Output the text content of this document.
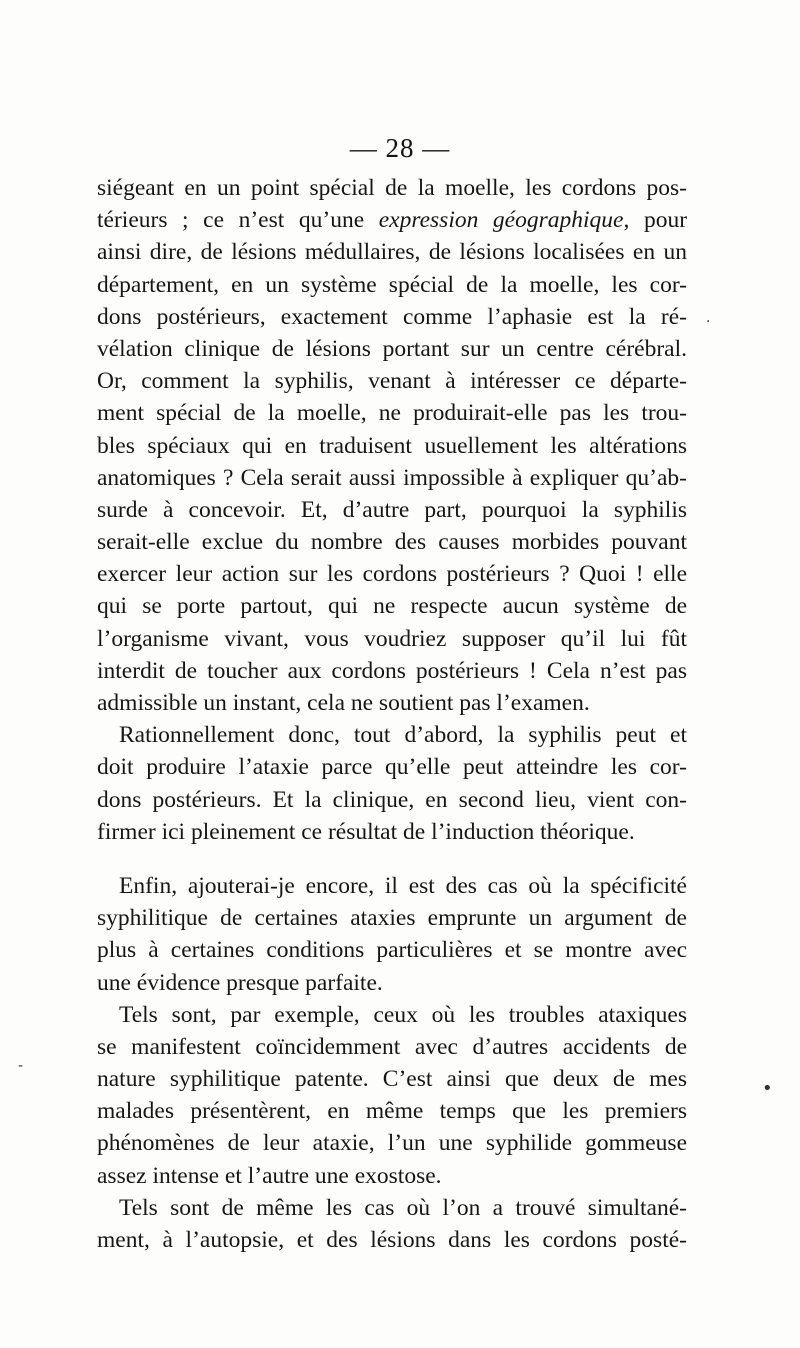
— 28 —
siégeant en un point spécial de la moelle, les cordons pos-
térieurs ; ce n’est qu’une expression géographique, pour
ainsi dire, de lésions médullaires, de lésions localisées en un
département, en un système spécial de la moelle, les cor-
dons postérieurs, exactement comme l’aphasie est la ré-
vélation clinique de lésions portant sur un centre cérébral.
Or, comment la syphilis, venant à intéresser ce départe-
ment spécial de la moelle, ne produirait-elle pas les trou-
bles spéciaux qui en traduisent usuellement les altérations
anatomiques ? Cela serait aussi impossible à expliquer qu’ab-
surde à concevoir. Et, d’autre part, pourquoi la syphilis
serait-elle exclue du nombre des causes morbides pouvant
exercer leur action sur les cordons postérieurs ? Quoi ! elle
qui se porte partout, qui ne respecte aucun système de
l’organisme vivant, vous voudriez supposer qu’il lui fût
interdit de toucher aux cordons postérieurs ! Cela n’est pas
admissible un instant, cela ne soutient pas l’examen.
Rationnellement donc, tout d’abord, la syphilis peut et
doit produire l’ataxie parce qu’elle peut atteindre les cor-
dons postérieurs. Et la clinique, en second lieu, vient con-
firmer ici pleinement ce résultat de l’induction théorique.
Enfin, ajouterai-je encore, il est des cas où la spécificité
syphilitique de certaines ataxies emprunte un argument de
plus à certaines conditions particulières et se montre avec
une évidence presque parfaite.
Tels sont, par exemple, ceux où les troubles ataxiques
se manifestent coïncidemment avec d’autres accidents de
nature syphilitique patente. C’est ainsi que deux de mes
malades présentèrent, en même temps que les premiers
phénomènes de leur ataxie, l’un une syphilide gommeuse
assez intense et l’autre une exostose.
Tels sont de même les cas où l’on a trouvé simultané-
ment, à l’autopsie, et des lésions dans les cordons posté-
·
•
-
